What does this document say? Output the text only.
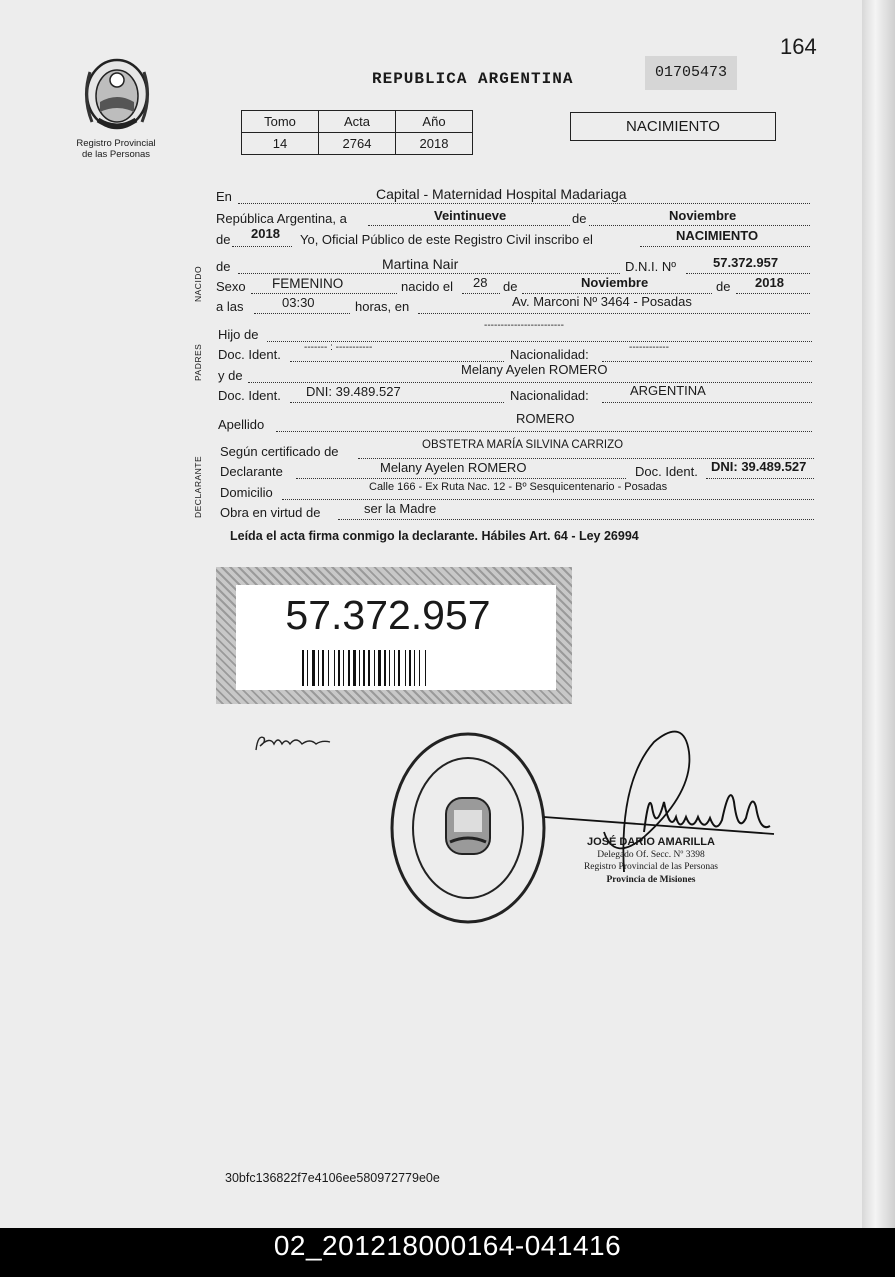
164
Registro Provincial
de las Personas
REPUBLICA ARGENTINA	01705473
Tomo	Acta	Año
14	2764	2018
NACIMIENTO
NACIDO
PADRES
DECLARANTE
En	Capital - Maternidad Hospital Madariaga
República Argentina, a	Veintinueve	de	Noviembre
de 2018 Yo, Oficial Público de este Registro Civil inscribo el	NACIMIENTO
de	Martina Nair	D.N.I. Nº	57.372.957
Sexo FEMENINO	nacido el 28 de	Noviembre	de 2018
a las	03:30	horas, en	Av. Marconi Nº 3464 - Posadas
Hijo de
------------------------
Doc. Ident. ------- : -----------	Nacionalidad:	------------
y de	Melany Ayelen ROMERO
Doc. Ident. DNI: 39.489.527	Nacionalidad:	ARGENTINA
Apellido	ROMERO
Según certificado de	OBSTETRA MARÍA SILVINA CARRIZO
Declarante	Melany Ayelen ROMERO	Doc. Ident. DNI: 39.489.527
Domicilio	Calle 166 - Ex Ruta Nac. 12 - Bº Sesquicentenario - Posadas
Obra en virtud de	ser la Madre
Leída el acta firma conmigo la declarante. Hábiles Art. 64 - Ley 26994
57.372.957
JOSÉ DARÍO AMARILLA
Delegado Of. Secc. Nº 3398
Registro Provincial de las Personas
Provincia de Misiones
30bfc136822f7e4106ee580972779e0e
02_201218000164-041416
